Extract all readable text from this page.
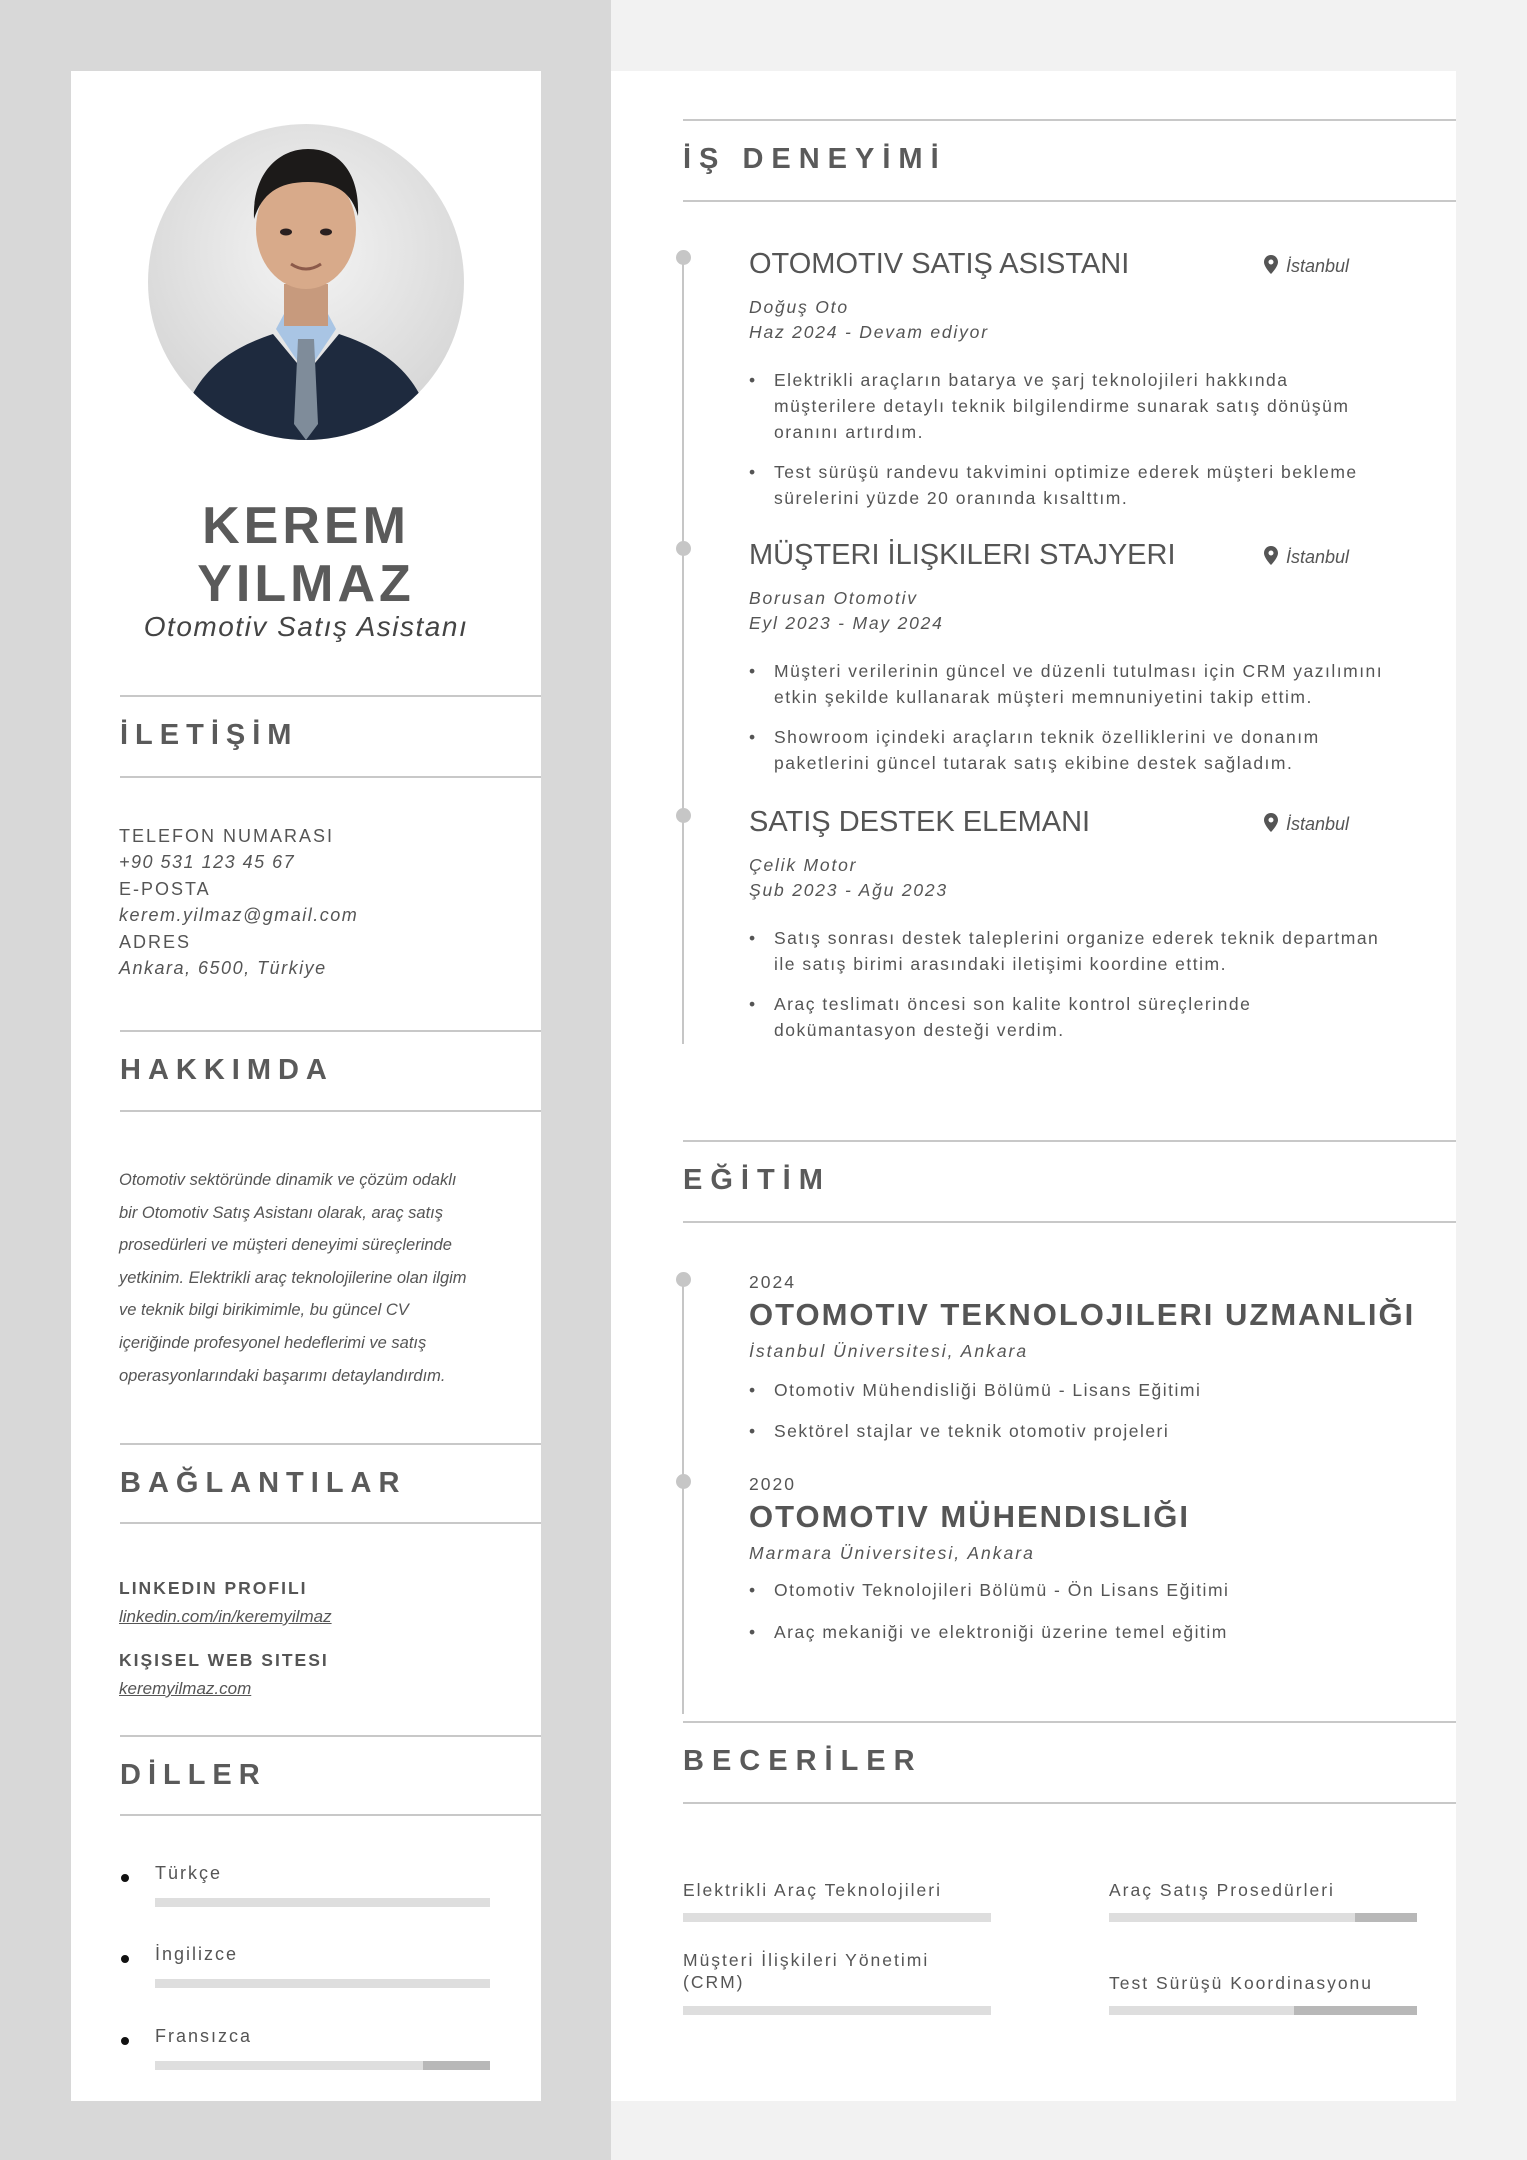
KEREM
YILMAZ
Otomotiv Satış Asistanı
İLETİŞİM
TELEFON NUMARASI
+90 531 123 45 67
E-POSTA
kerem.yilmaz@gmail.com
ADRES
Ankara, 6500, Türkiye
HAKKIMDA
Otomotiv sektöründe dinamik ve çözüm odaklı
bir Otomotiv Satış Asistanı olarak, araç satış
prosedürleri ve müşteri deneyimi süreçlerinde
yetkinim. Elektrikli araç teknolojilerine olan ilgim
ve teknik bilgi birikimimle, bu güncel CV
içeriğinde profesyonel hedeflerimi ve satış
operasyonlarındaki başarımı detaylandırdım.
BAĞLANTILAR
LINKEDIN PROFILI
linkedin.com/in/keremyilmaz
KIŞISEL WEB SITESI
keremyilmaz.com
DİLLER
Türkçe
İngilizce
Fransızca
İŞ DENEYİMİ
OTOMOTIV SATIŞ ASISTANI	İstanbul
Doğuş Oto
Haz 2024 - Devam ediyor
• Elektrikli araçların batarya ve şarj teknolojileri hakkında
müşterilere detaylı teknik bilgilendirme sunarak satış dönüşüm
oranını artırdım.
• Test sürüşü randevu takvimini optimize ederek müşteri bekleme
sürelerini yüzde 20 oranında kısalttım.
MÜŞTERI İLIŞKILERI STAJYERI	İstanbul
Borusan Otomotiv
Eyl 2023 - May 2024
• Müşteri verilerinin güncel ve düzenli tutulması için CRM yazılımını
etkin şekilde kullanarak müşteri memnuniyetini takip ettim.
• Showroom içindeki araçların teknik özelliklerini ve donanım
paketlerini güncel tutarak satış ekibine destek sağladım.
SATIŞ DESTEK ELEMANI	İstanbul
Çelik Motor
Şub 2023 - Ağu 2023
• Satış sonrası destek taleplerini organize ederek teknik departman
ile satış birimi arasındaki iletişimi koordine ettim.
• Araç teslimatı öncesi son kalite kontrol süreçlerinde
dokümantasyon desteği verdim.
EĞİTİM
2024
OTOMOTIV TEKNOLOJILERI UZMANLIĞI
İstanbul Üniversitesi, Ankara
• Otomotiv Mühendisliği Bölümü - Lisans Eğitimi
• Sektörel stajlar ve teknik otomotiv projeleri
2020
OTOMOTIV MÜHENDISLIĞI
Marmara Üniversitesi, Ankara
• Otomotiv Teknolojileri Bölümü - Ön Lisans Eğitimi
• Araç mekaniği ve elektroniği üzerine temel eğitim
BECERİLER
Elektrikli Araç Teknolojileri	Araç Satış Prosedürleri
Müşteri İlişkileri Yönetimi (CRM)	Test Sürüşü Koordinasyonu
